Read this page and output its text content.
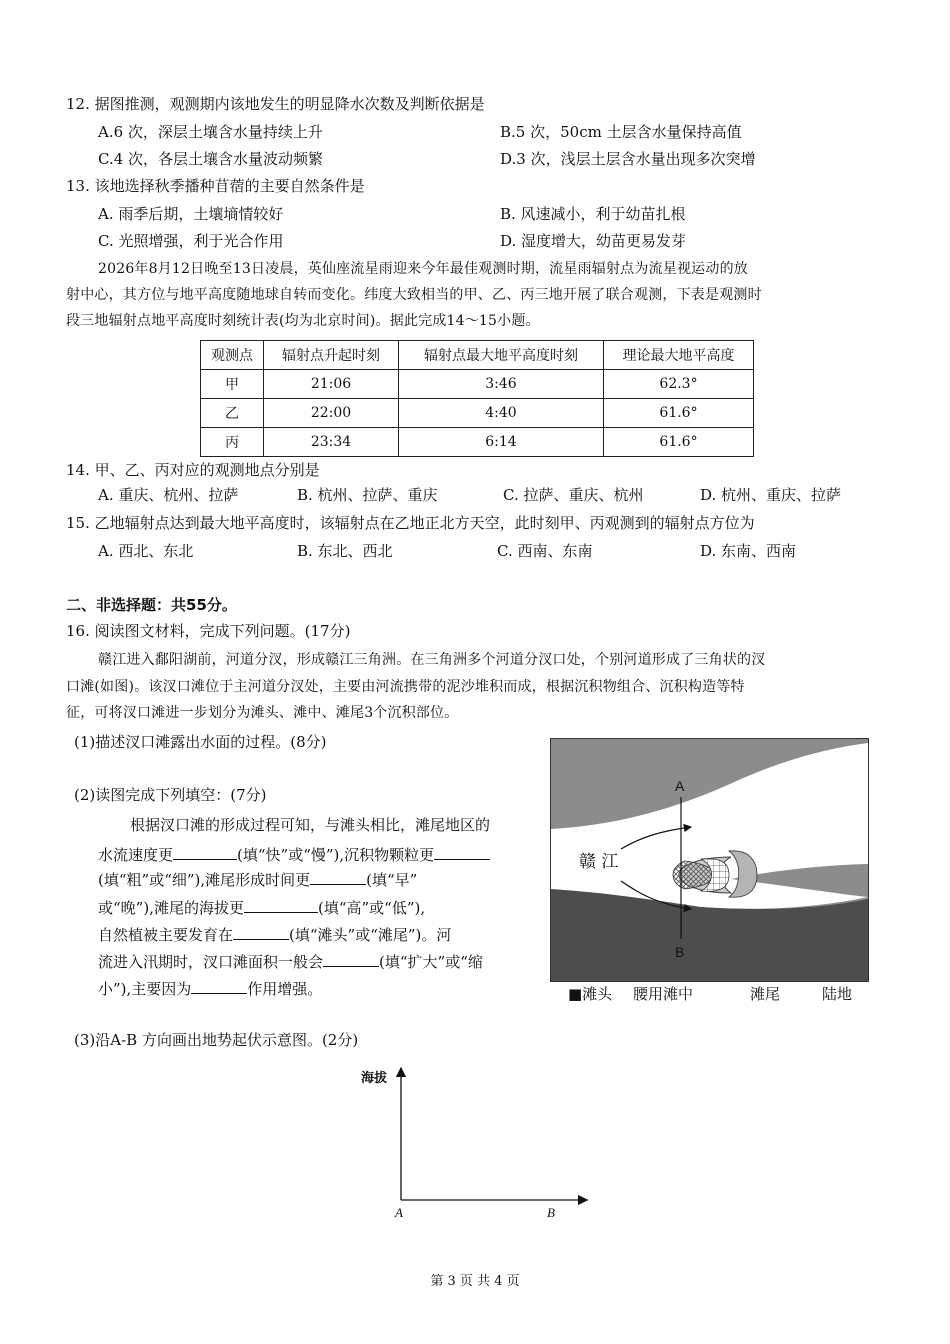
12. 据图推测，观测期内该地发生的明显降水次数及判断依据是
A.6 次，深层土壤含水量持续上升	B.5 次，50cm 土层含水量保持高值
C.4 次，各层土壤含水量波动频繁	D.3 次，浅层土层含水量出现多次突增
13. 该地选择秋季播种苜蓿的主要自然条件是
A. 雨季后期，土壤墒情较好	B. 风速减小，利于幼苗扎根
C. 光照增强，利于光合作用	D. 湿度增大，幼苗更易发芽
2026年8月12日晚至13日凌晨，英仙座流星雨迎来今年最佳观测时期，流星雨辐射点为流星视运动的放
射中心，其方位与地平高度随地球自转而变化。纬度大致相当的甲、乙、丙三地开展了联合观测，下表是观测时
段三地辐射点地平高度时刻统计表(均为北京时间)。据此完成14～15小题。
观测点	辐射点升起时刻	辐射点最大地平高度时刻	理论最大地平高度
甲	21:06	3:46	62.3°
乙	22:00	4:40	61.6°
丙	23:34	6:14	61.6°
14. 甲、乙、丙对应的观测地点分别是
A. 重庆、杭州、拉萨	B. 杭州、拉萨、重庆	C. 拉萨、重庆、杭州	D. 杭州、重庆、拉萨
15. 乙地辐射点达到最大地平高度时，该辐射点在乙地正北方天空，此时刻甲、丙观测到的辐射点方位为
A. 西北、东北	B. 东北、西北	C. 西南、东南	D. 东南、西南
二、非选择题：共55分。
16. 阅读图文材料，完成下列问题。(17分)
赣江进入鄱阳湖前，河道分汊，形成赣江三角洲。在三角洲多个河道分汊口处，个别河道形成了三角状的汊
口滩(如图)。该汊口滩位于主河道分汊处，主要由河流携带的泥沙堆积而成，根据沉积物组合、沉积构造等特
征，可将汊口滩进一步划分为滩头、滩中、滩尾3个沉积部位。
(1)描述汊口滩露出水面的过程。(8分)
(2)读图完成下列填空：(7分)
根据汊口滩的形成过程可知，与滩头相比，滩尾地区的
水流速度更	(填“快”或“慢”),沉积物颗粒更
(填“粗”或“细”),滩尾形成时间更	(填“早”
或“晚”),滩尾的海拔更	(填“高”或“低”),
自然植被主要发育在	(填“滩头”或“滩尾”)。河
流进入汛期时，汊口滩面积一般会	(填“扩大”或“缩
小”),主要因为	作用增强。
A
B
赣 江
■滩头 腰用滩中	滩尾	陆地
(3)沿A-B 方向画出地势起伏示意图。(2分)
海拔
A	B
第 3 页 共 4 页
